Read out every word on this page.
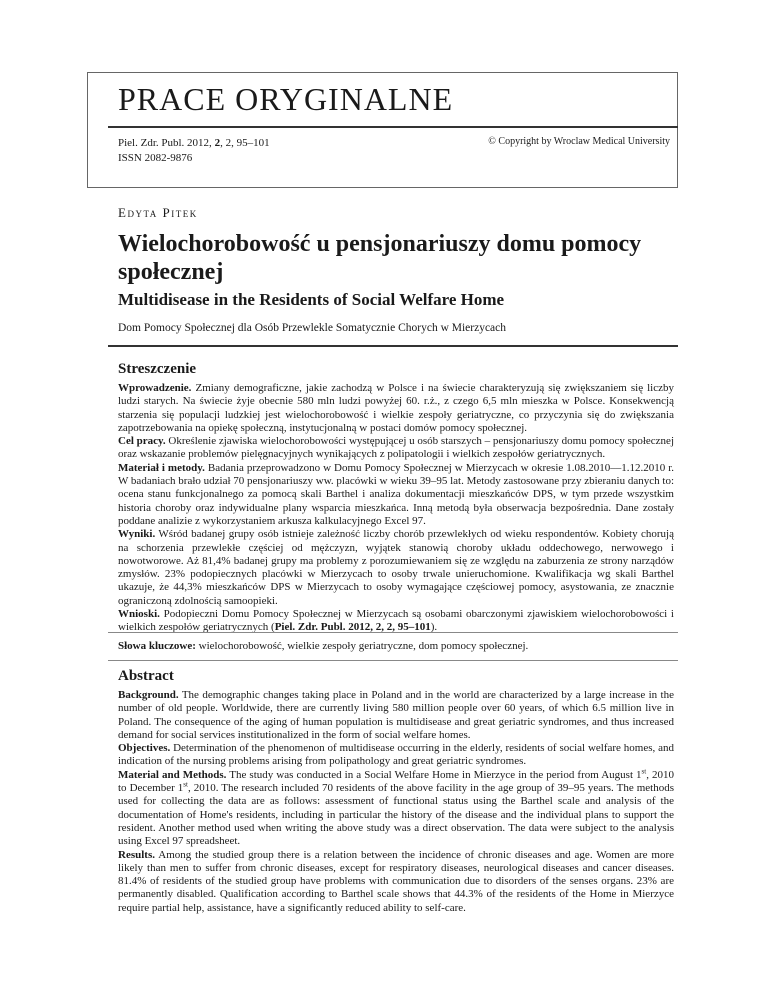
PRACE ORYGINALNE
Piel. Zdr. Publ. 2012, 2, 2, 95–101
ISSN 2082-9876
© Copyright by Wroclaw Medical University
Edyta Pitek
Wielochorobowość u pensjonariuszy domu pomocy społecznej
Multidisease in the Residents of Social Welfare Home
Dom Pomocy Społecznej dla Osób Przewlekle Somatycznie Chorych w Mierzycach
Streszczenie

Wprowadzenie. Zmiany demograficzne, jakie zachodzą w Polsce i na świecie charakteryzują się zwiększaniem się liczby ludzi starych. Na świecie żyje obecnie 580 mln ludzi powyżej 60. r.ż., z czego 6,5 mln mieszka w Polsce. Konsekwencją starzenia się populacji ludzkiej jest wielochorobowość i wielkie zespoły geriatryczne, co przyczynia się do zwiększania zapotrzebowania na opiekę społeczną, instytucjonalną w postaci domów pomocy społecznej.

Cel pracy. Określenie zjawiska wielochorobowości występującej u osób starszych – pensjonariuszy domu pomocy społecznej oraz wskazanie problemów pielęgnacyjnych wynikających z polipatologii i wielkich zespołów geriatrycznych.

Materiał i metody. Badania przeprowadzono w Domu Pomocy Społecznej w Mierzycach w okresie 1.08.2010––1.12.2010 r. W badaniach brało udział 70 pensjonariuszy ww. placówki w wieku 39–95 lat. Metody zastosowane przy zbieraniu danych to: ocena stanu funkcjonalnego za pomocą skali Barthel i analiza dokumentacji mieszkańców DPS, w tym przede wszystkim historia choroby oraz indywidualne plany wsparcia mieszkańca. Inną metodą była obserwacja bezpośrednia. Dane zostały poddane analizie z wykorzystaniem arkusza kalkulacyjnego Excel 97.

Wyniki. Wśród badanej grupy osób istnieje zależność liczby chorób przewlekłych od wieku respondentów. Kobiety chorują na schorzenia przewlekłe częściej od mężczyzn, wyjątek stanowią choroby układu oddechowego, nerwowego i nowotworowe. Aż 81,4% badanej grupy ma problemy z porozumiewaniem się ze względu na zaburzenia ze strony narządów zmysłów. 23% podopiecznych placówki w Mierzycach to osoby trwale unieruchomione. Kwalifikacja wg skali Barthel ukazuje, że 44,3% mieszkańców DPS w Mierzycach to osoby wymagające częściowej pomocy, asystowania, ze znacznie ograniczoną zdolnością samoopieki.

Wnioski. Podopieczni Domu Pomocy Społecznej w Mierzycach są osobami obarczonymi zjawiskiem wielochorobowości i wielkich zespołów geriatrycznych (Piel. Zdr. Publ. 2012, 2, 2, 95–101).

Słowa kluczowe: wielochorobowość, wielkie zespoły geriatryczne, dom pomocy społecznej.

Abstract

Background. The demographic changes taking place in Poland and in the world are characterized by a large increase in the number of old people. Worldwide, there are currently living 580 million people over 60 years, of which 6.5 million live in Poland. The consequence of the aging of human population is multidisease and great geriatric syndromes, and thus increased demand for social services institutionalized in the form of social welfare homes.

Objectives. Determination of the phenomenon of multidisease occurring in the elderly, residents of social welfare homes, and indication of the nursing problems arising from polipathology and great geriatric syndromes.

Material and Methods. The study was conducted in a Social Welfare Home in Mierzyce in the period from August 1st, 2010 to December 1st, 2010. The research included 70 residents of the above facility in the age group of 39–95 years. The methods used for collecting the data are as follows: assessment of functional status using the Barthel scale and analysis of the documentation of Home's residents, including in particular the history of the disease and the individual plans to support the resident. Another method used when writing the above study was a direct observation. The data were subject to the analysis using Excel 97 spreadsheet.

Results. Among the studied group there is a relation between the incidence of chronic diseases and age. Women are more likely than men to suffer from chronic diseases, except for respiratory diseases, neurological diseases and cancer diseases. 81.4% of residents of the studied group have problems with communication due to disorders of the senses organs. 23% are permanently disabled. Qualification according to Barthel scale shows that 44.3% of the residents of the Home in Mierzyce require partial help, assistance, have a significantly reduced ability to self-care.
